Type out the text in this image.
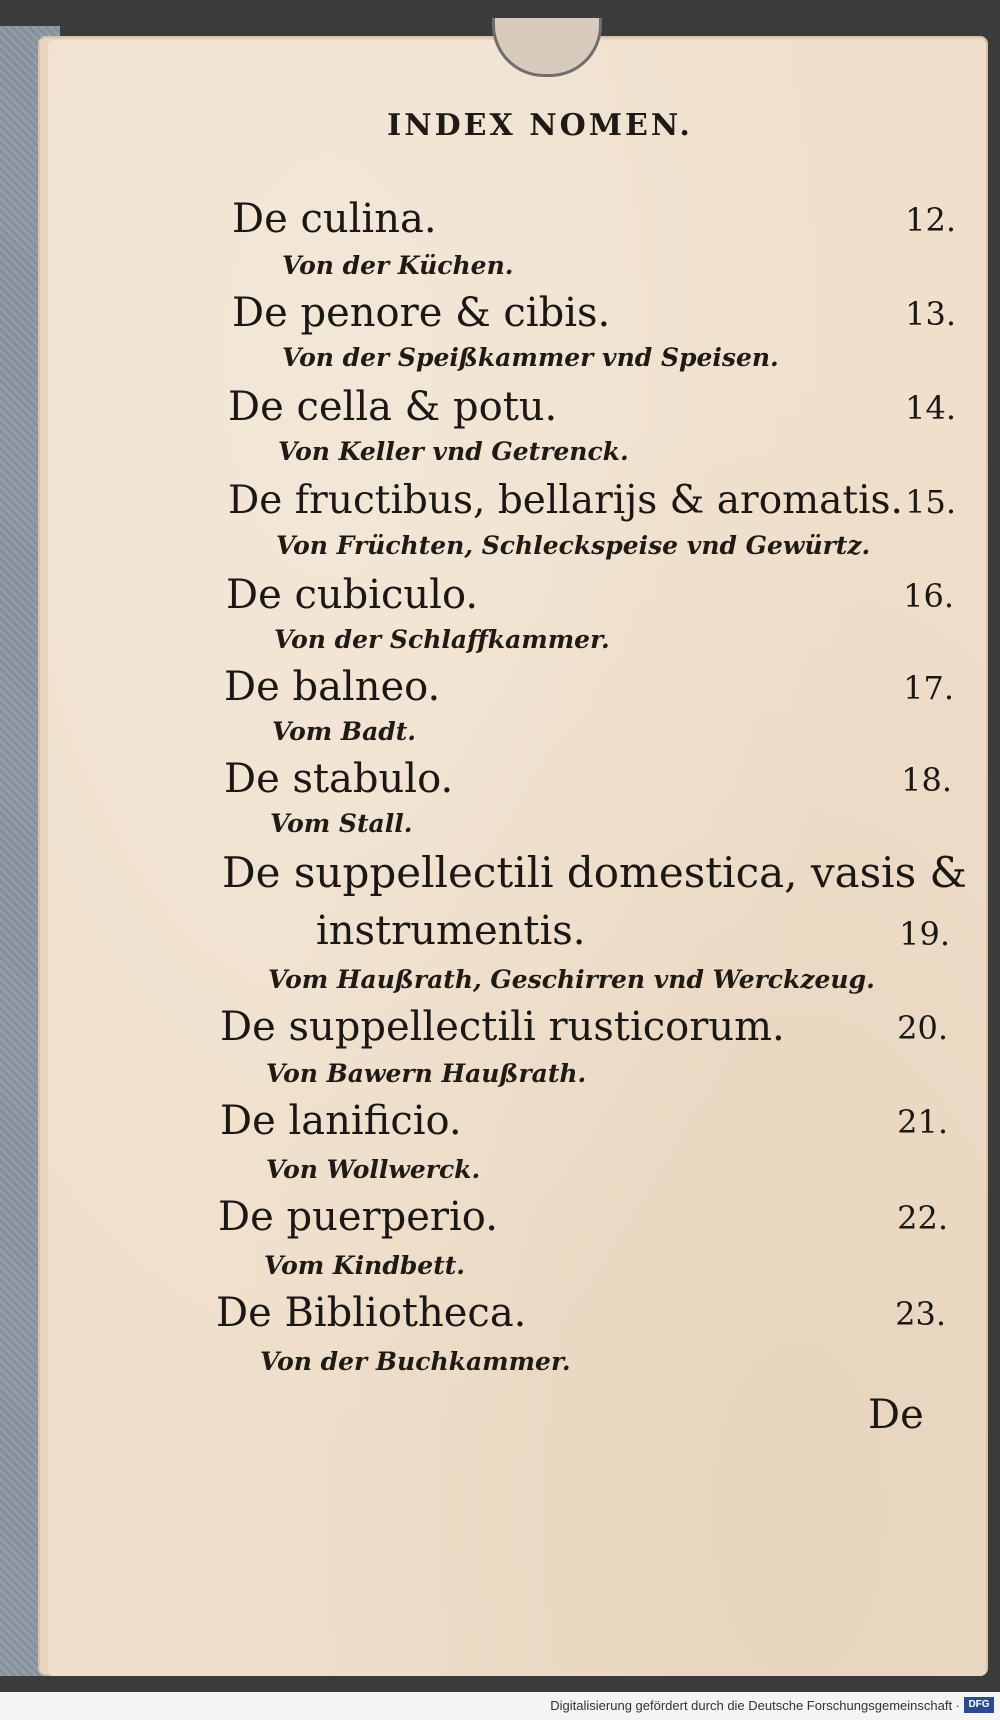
INDEX NOMEN.
De culina.	12.
Von der Küchen.
De penore & cibis.	13.
Von der Speißkammer vnd Speisen.
De cella & potu.	14.
Von Keller vnd Getrenck.
De fructibus, bellarijs & aromatis. 15.
Von Früchten, Schleckspeise vnd Gewürtz.
De cubiculo.	16.
Von der Schlaffkammer.
De balneo.	17.
Vom Badt.
De stabulo.	18.
Vom Stall.
De suppellectili domestica, vasis &
instrumentis.	19.
Vom Haußrath, Geschirren vnd Werckzeug.
De suppellectili rusticorum.	20.
Von Bawern Haußrath.
De lanificio.	21.
Von Wollwerck.
De puerperio.	22.
Vom Kindbett.
De Bibliotheca.	23.
Von der Buchkammer.
De
Digitalisierung gefördert durch die Deutsche Forschungsgemeinschaft · DFG
